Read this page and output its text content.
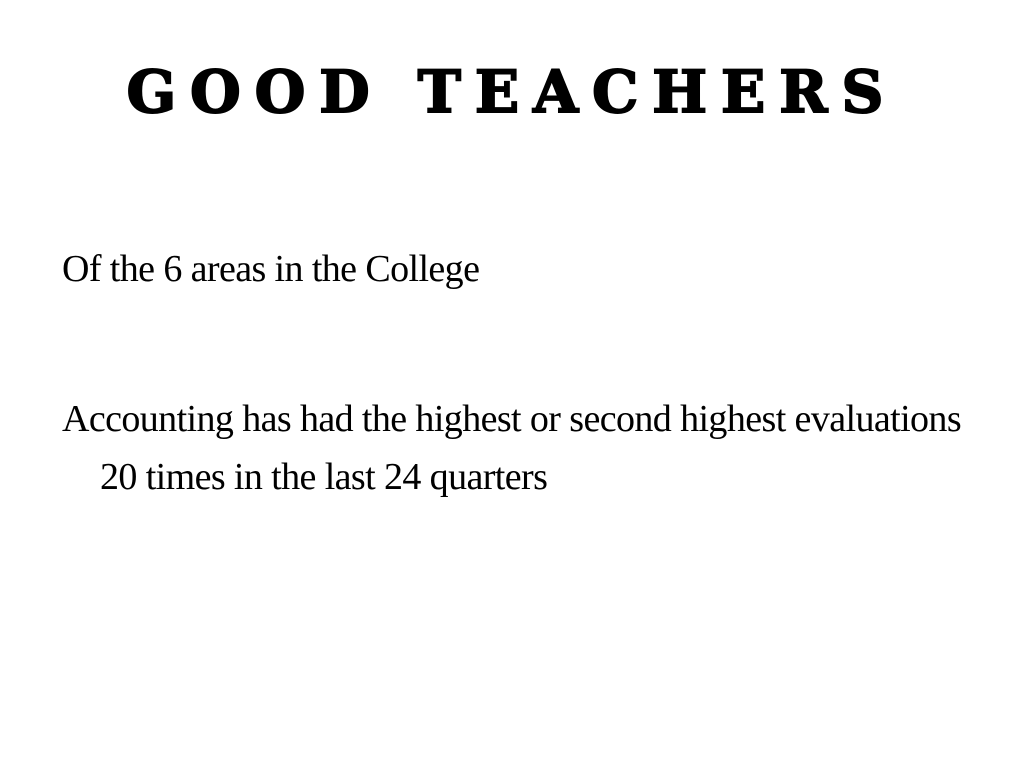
GOOD TEACHERS

Of the 6 areas in the College

Accounting has had the highest or second highest evaluations 20 times in the last 24 quarters
